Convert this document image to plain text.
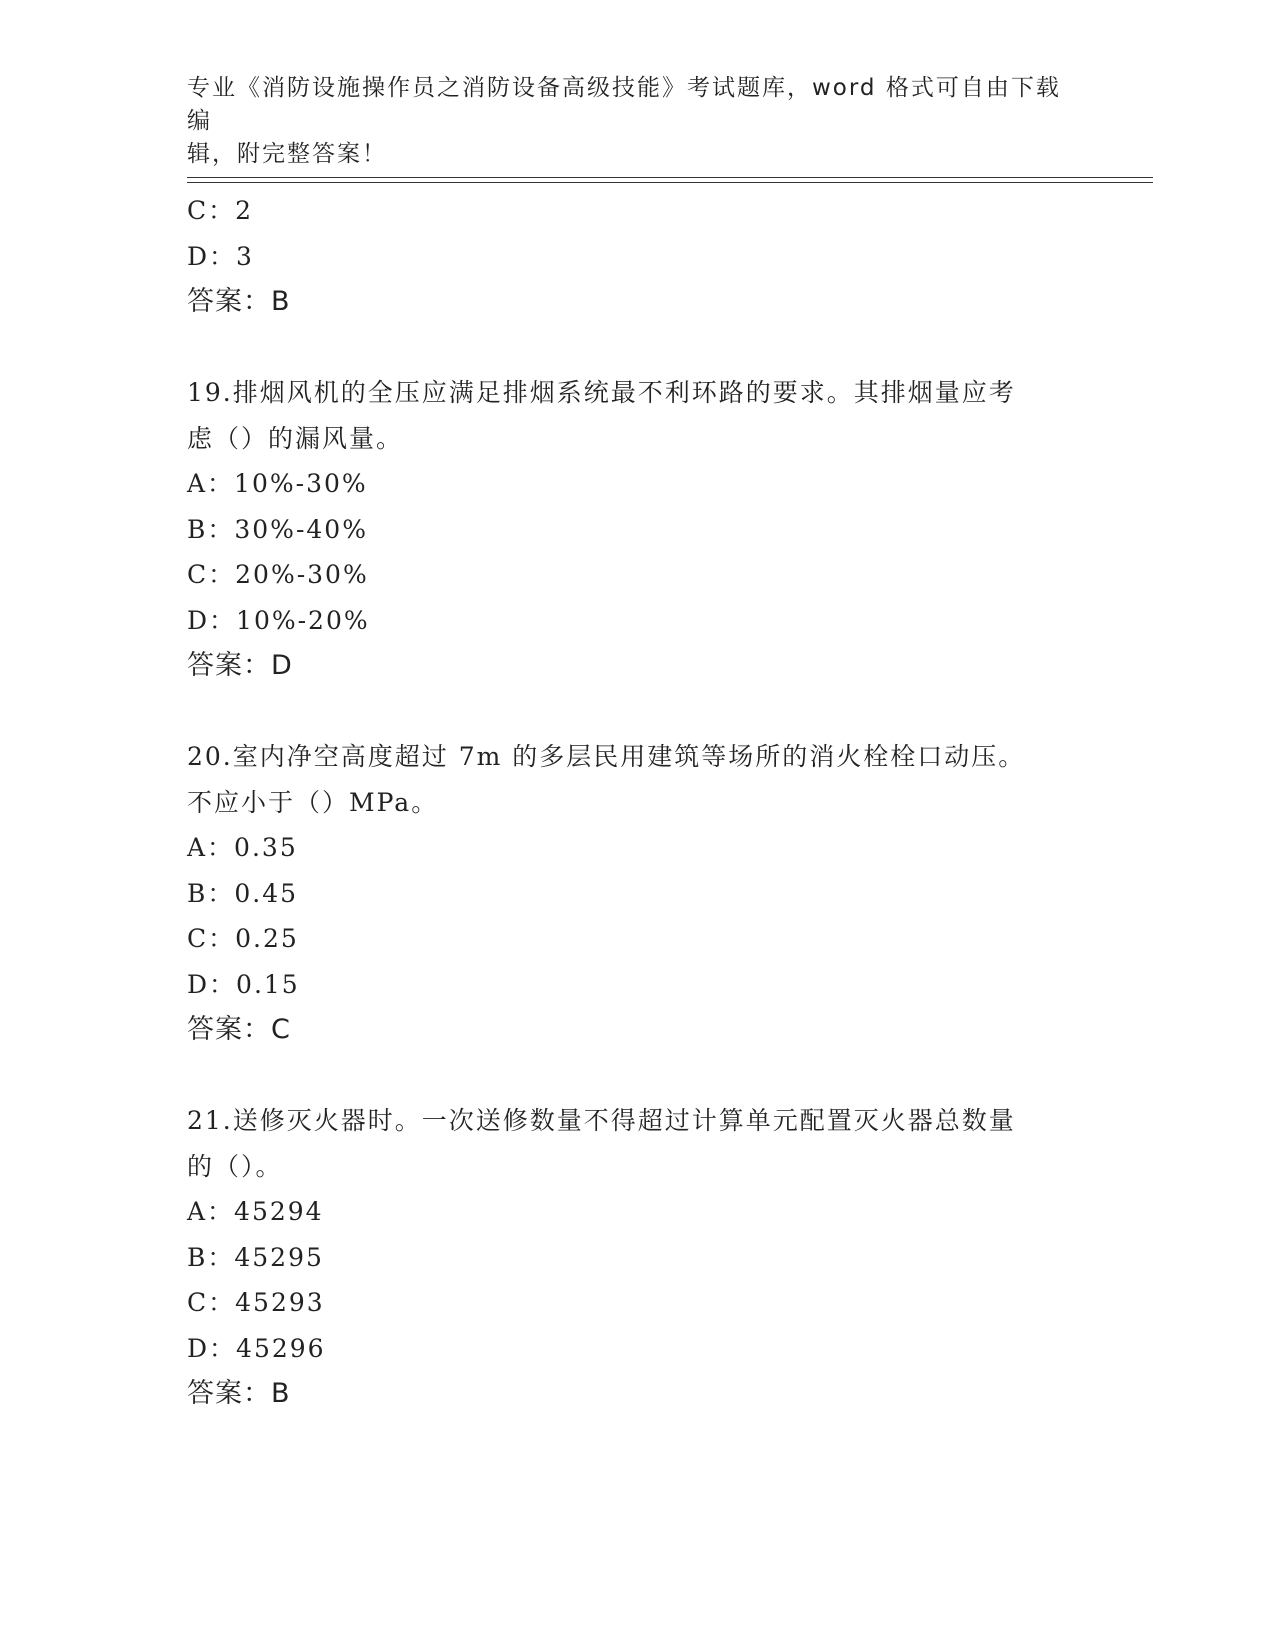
专业《消防设施操作员之消防设备高级技能》考试题库，word 格式可自由下载编
辑，附完整答案！
C：2
D：3
答案：B
19.排烟风机的全压应满足排烟系统最不利环路的要求。其排烟量应考
虑（）的漏风量。
A：10%-30%
B：30%-40%
C：20%-30%
D：10%-20%
答案：D
20.室内净空高度超过 7m 的多层民用建筑等场所的消火栓栓口动压。
不应小于（）MPa。
A：0.35
B：0.45
C：0.25
D：0.15
答案：C
21.送修灭火器时。一次送修数量不得超过计算单元配置灭火器总数量
的（）。
A：45294
B：45295
C：45293
D：45296
答案：B
